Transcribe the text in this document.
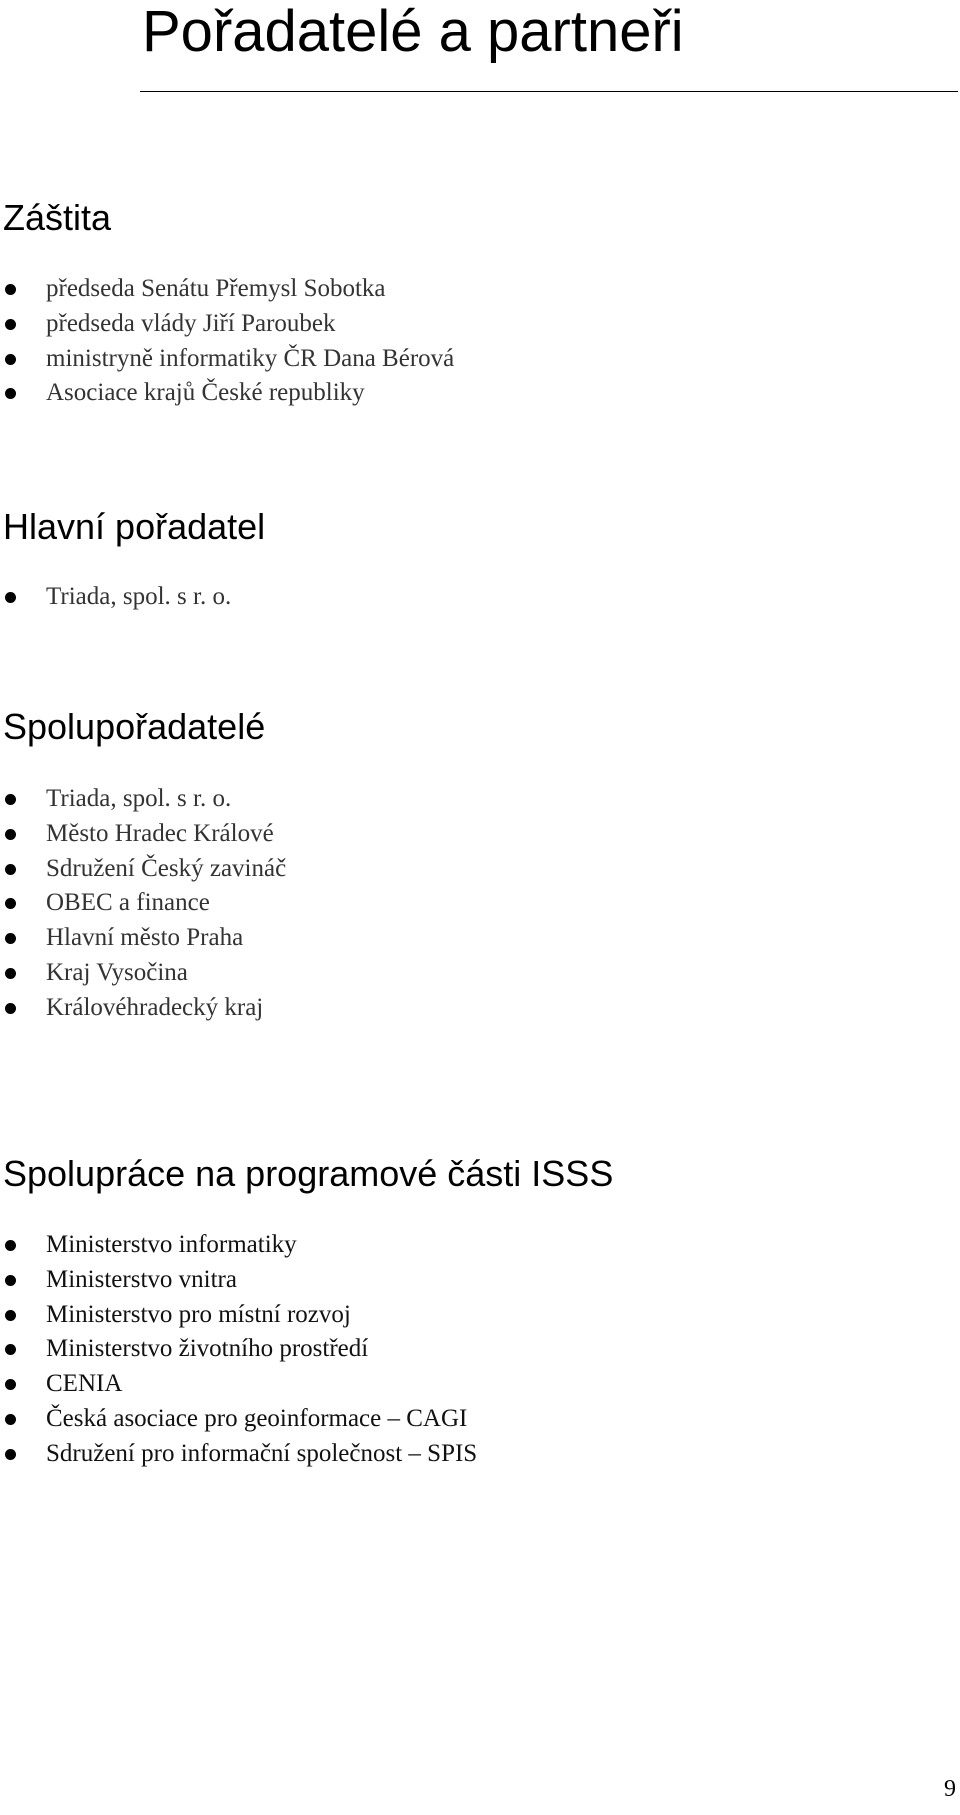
Pořadatelé a partneři
Záštita
předseda Senátu Přemysl Sobotka
předseda vlády Jiří Paroubek
ministryně informatiky ČR Dana Bérová
Asociace krajů České republiky
Hlavní pořadatel
Triada, spol. s r. o.
Spolupořadatelé
Triada, spol. s r. o.
Město Hradec Králové
Sdružení Český zavináč
OBEC a finance
Hlavní město Praha
Kraj Vysočina
Královéhradecký kraj
Spolupráce na programové části ISSS
Ministerstvo informatiky
Ministerstvo vnitra
Ministerstvo pro místní rozvoj
Ministerstvo životního prostředí
CENIA
Česká asociace pro geoinformace – CAGI
Sdružení pro informační společnost – SPIS
9
